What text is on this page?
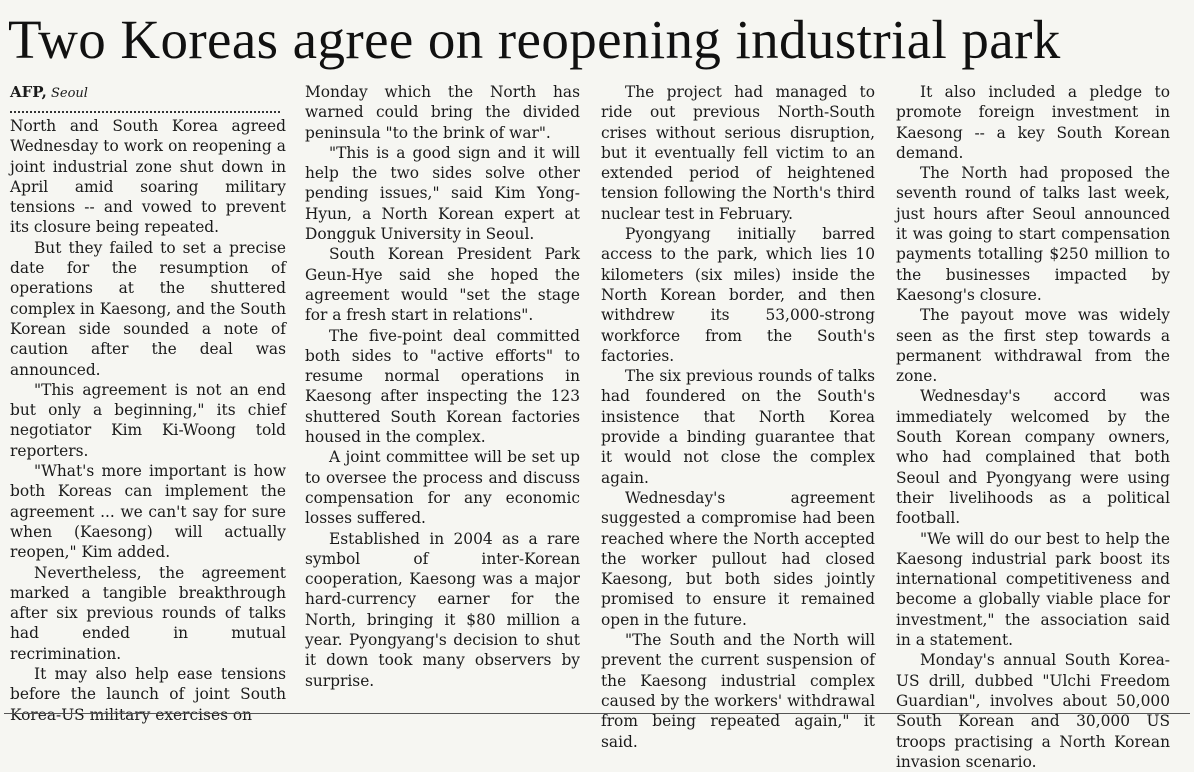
Two Koreas agree on reopening industrial park
AFP, Seoul

North and South Korea agreed Wednesday to work on reopening a joint industrial zone shut down in April amid soaring military tensions -- and vowed to prevent its closure being repeated.

But they failed to set a precise date for the resumption of operations at the shuttered complex in Kaesong, and the South Korean side sounded a note of caution after the deal was announced.

"This agreement is not an end but only a beginning," its chief negotiator Kim Ki-Woong told reporters.

"What's more important is how both Koreas can implement the agreement ... we can't say for sure when (Kaesong) will actually reopen," Kim added.

Nevertheless, the agreement marked a tangible breakthrough after six previous rounds of talks had ended in mutual recrimination.

It may also help ease tensions before the launch of joint South Korea-US military exercises on

Monday which the North has warned could bring the divided peninsula "to the brink of war".

"This is a good sign and it will help the two sides solve other pending issues," said Kim Yong-Hyun, a North Korean expert at Dongguk University in Seoul.

South Korean President Park Geun-Hye said she hoped the agreement would "set the stage for a fresh start in relations".

The five-point deal committed both sides to "active efforts" to resume normal operations in Kaesong after inspecting the 123 shuttered South Korean factories housed in the complex.

A joint committee will be set up to oversee the process and discuss compensation for any economic losses suffered.

Established in 2004 as a rare symbol of inter-Korean cooperation, Kaesong was a major hard-currency earner for the North, bringing it $80 million a year. Pyongyang's decision to shut it down took many observers by surprise.

The project had managed to ride out previous North-South crises without serious disruption, but it eventually fell victim to an extended period of heightened tension following the North's third nuclear test in February.

Pyongyang initially barred access to the park, which lies 10 kilometers (six miles) inside the North Korean border, and then withdrew its 53,000-strong workforce from the South's factories.

The six previous rounds of talks had foundered on the South's insistence that North Korea provide a binding guarantee that it would not close the complex again.

Wednesday's agreement suggested a compromise had been reached where the North accepted the worker pullout had closed Kaesong, but both sides jointly promised to ensure it remained open in the future.

"The South and the North will prevent the current suspension of the Kaesong industrial complex caused by the workers' withdrawal from being repeated again," it said.

It also included a pledge to promote foreign investment in Kaesong -- a key South Korean demand.

The North had proposed the seventh round of talks last week, just hours after Seoul announced it was going to start compensation payments totalling $250 million to the businesses impacted by Kaesong's closure.

The payout move was widely seen as the first step towards a permanent withdrawal from the zone.

Wednesday's accord was immediately welcomed by the South Korean company owners, who had complained that both Seoul and Pyongyang were using their livelihoods as a political football.

"We will do our best to help the Kaesong industrial park boost its international competitiveness and become a globally viable place for investment," the association said in a statement.

Monday's annual South Korea-US drill, dubbed "Ulchi Freedom Guardian", involves about 50,000 South Korean and 30,000 US troops practising a North Korean invasion scenario.
